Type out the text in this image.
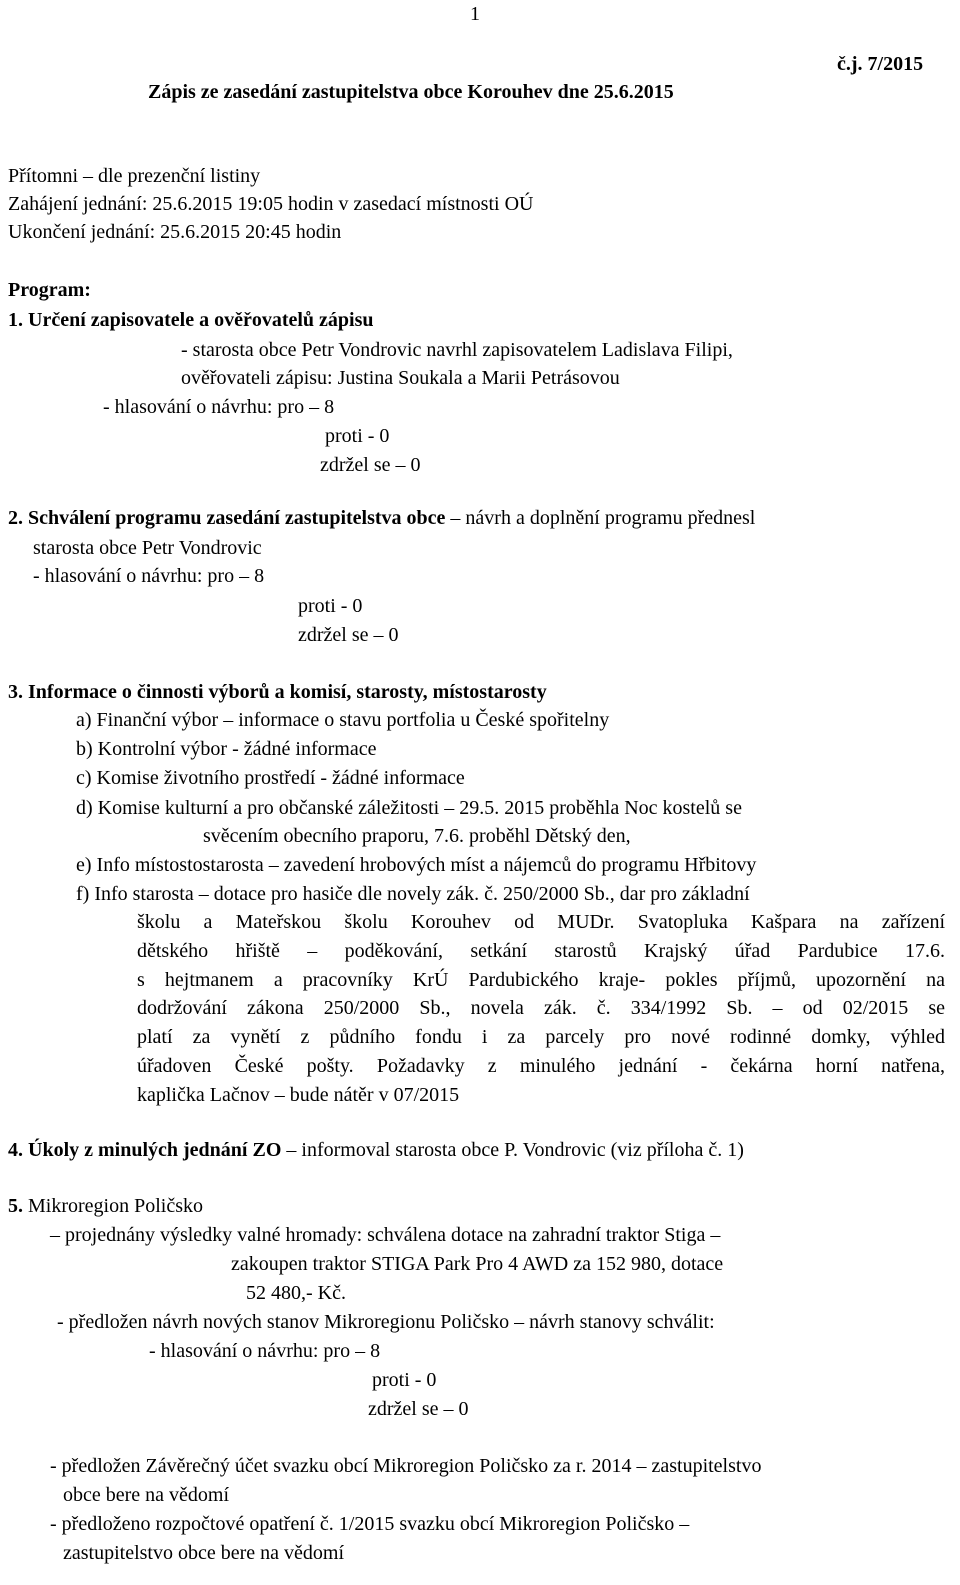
1
č.j. 7/2015
Zápis ze zasedání zastupitelstva obce Korouhev dne 25.6.2015
Přítomni – dle prezenční listiny
Zahájení jednání: 25.6.2015 19:05 hodin v zasedací místnosti OÚ
Ukončení jednání: 25.6.2015 20:45 hodin
Program:
1. Určení zapisovatele a ověřovatelů zápisu
- starosta obce Petr Vondrovic navrhl zapisovatelem Ladislava Filipi,
ověřovateli zápisu: Justina Soukala a Marii Petrásovou
- hlasování o návrhu: pro – 8
proti - 0
zdržel se – 0
2. Schválení programu zasedání zastupitelstva obce – návrh a doplnění programu přednesl
starosta obce Petr Vondrovic
- hlasování o návrhu: pro – 8
proti - 0
zdržel se – 0
3. Informace o činnosti výborů a komisí, starosty, místostarosty
a) Finanční výbor – informace o stavu portfolia u České spořitelny
b) Kontrolní výbor - žádné informace
c) Komise životního prostředí - žádné informace
d) Komise kulturní a pro občanské záležitosti – 29.5. 2015 proběhla Noc kostelů se
svěcením obecního praporu, 7.6. proběhl Dětský den,
e) Info místostostarosta – zavedení hrobových míst a nájemců do programu Hřbitovy
f) Info starosta – dotace pro hasiče dle novely zák. č. 250/2000 Sb., dar pro základní
školu a Mateřskou školu Korouhev od MUDr. Svatopluka Kašpara na zařízení
dětského hřiště – poděkování, setkání starostů Krajský úřad Pardubice 17.6.
s hejtmanem a pracovníky KrÚ Pardubického kraje- pokles příjmů, upozornění na
dodržování zákona 250/2000 Sb., novela zák. č. 334/1992 Sb. – od 02/2015 se
platí za vynětí z půdního fondu i za parcely pro nové rodinné domky, výhled
úřadoven České pošty. Požadavky z minulého jednání - čekárna horní natřena,
kaplička Lačnov – bude nátěr v 07/2015
4. Úkoly z minulých jednání ZO – informoval starosta obce P. Vondrovic (viz příloha č. 1)
5. Mikroregion Poličsko
– projednány výsledky valné hromady: schválena dotace na zahradní traktor Stiga –
zakoupen traktor STIGA Park Pro 4 AWD za 152 980, dotace
52 480,- Kč.
- předložen návrh nových stanov Mikroregionu Poličsko – návrh stanovy schválit:
- hlasování o návrhu: pro – 8
proti - 0
zdržel se – 0
- předložen Závěrečný účet svazku obcí Mikroregion Poličsko za r. 2014 – zastupitelstvo
obce bere na vědomí
- předloženo rozpočtové opatření č. 1/2015 svazku obcí Mikroregion Poličsko –
zastupitelstvo obce bere na vědomí
